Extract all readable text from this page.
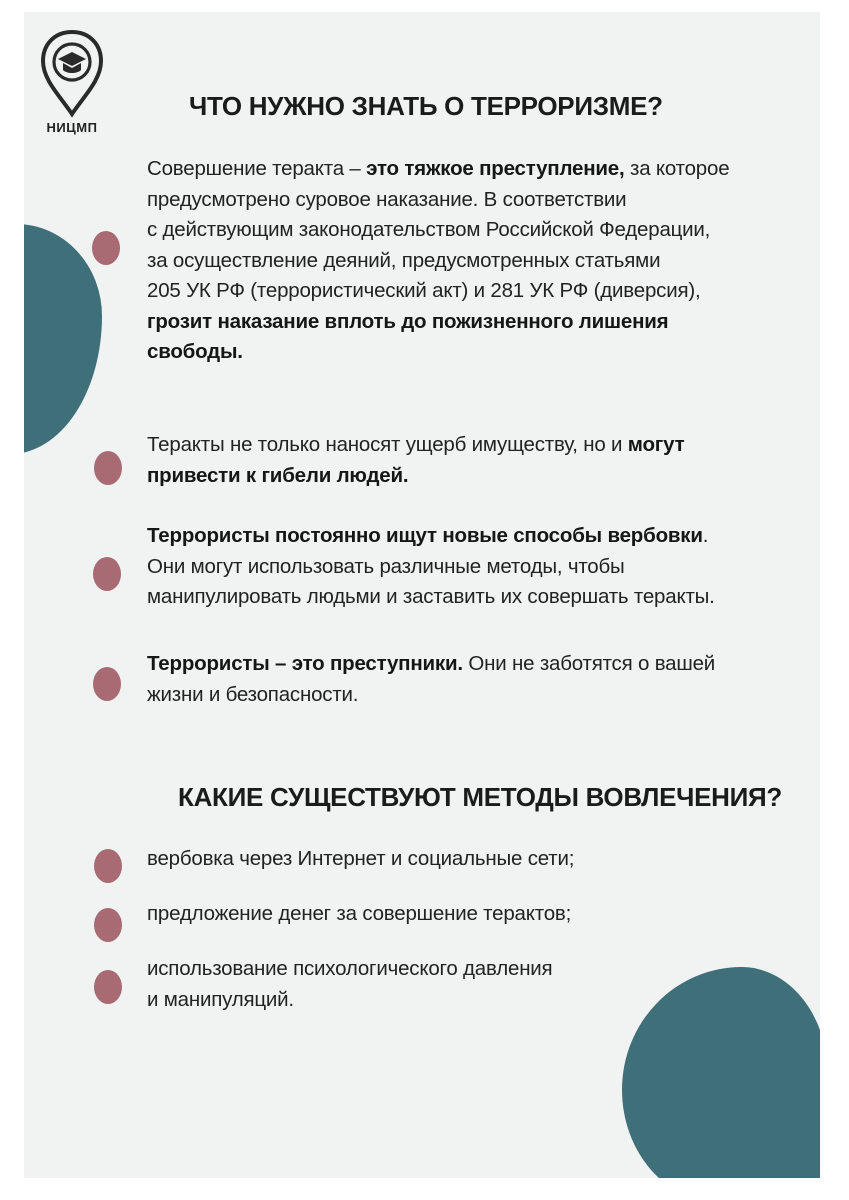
НИЦМП
ЧТО НУЖНО ЗНАТЬ О ТЕРРОРИЗМЕ?
Совершение теракта – это тяжкое преступление, за которое
предусмотрено суровое наказание. В соответствии
с действующим законодательством Российской Федерации,
за осуществление деяний, предусмотренных статьями
205 УК РФ (террористический акт) и 281 УК РФ (диверсия),
грозит наказание вплоть до пожизненного лишения
свободы.
Теракты не только наносят ущерб имуществу, но и могут
привести к гибели людей.
Террористы постоянно ищут новые способы вербовки.
Они могут использовать различные методы, чтобы
манипулировать людьми и заставить их совершать теракты.
Террористы – это преступники. Они не заботятся о вашей
жизни и безопасности.
КАКИЕ СУЩЕСТВУЮТ МЕТОДЫ ВОВЛЕЧЕНИЯ?
вербовка через Интернет и социальные сети;
предложение денег за совершение терактов;
использование психологического давления
и манипуляций.
